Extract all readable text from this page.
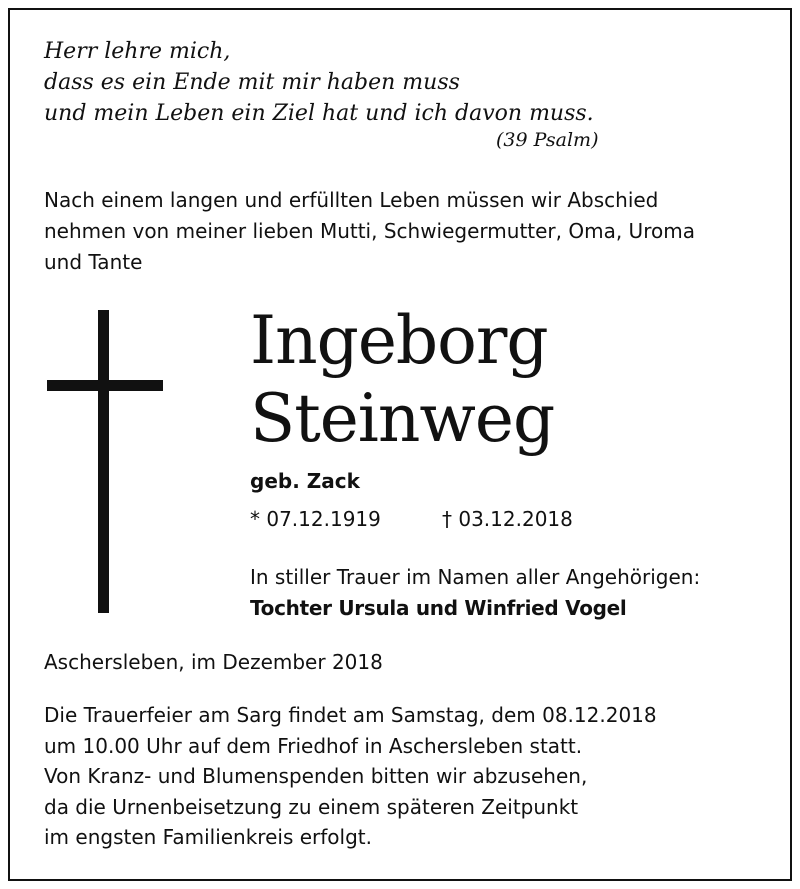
Herr lehre mich,
dass es ein Ende mit mir haben muss
und mein Leben ein Ziel hat und ich davon muss.
(39 Psalm)
Nach einem langen und erfüllten Leben müssen wir Abschied
nehmen von meiner lieben Mutti, Schwiegermutter, Oma, Uroma
und Tante
Ingeborg
Steinweg
geb. Zack
* 07.12.1919	† 03.12.2018
In stiller Trauer im Namen aller Angehörigen:
Tochter Ursula und Winfried Vogel
Aschersleben, im Dezember 2018
Die Trauerfeier am Sarg findet am Samstag, dem 08.12.2018
um 10.00 Uhr auf dem Friedhof in Aschersleben statt.
Von Kranz- und Blumenspenden bitten wir abzusehen,
da die Urnenbeisetzung zu einem späteren Zeitpunkt
im engsten Familienkreis erfolgt.
